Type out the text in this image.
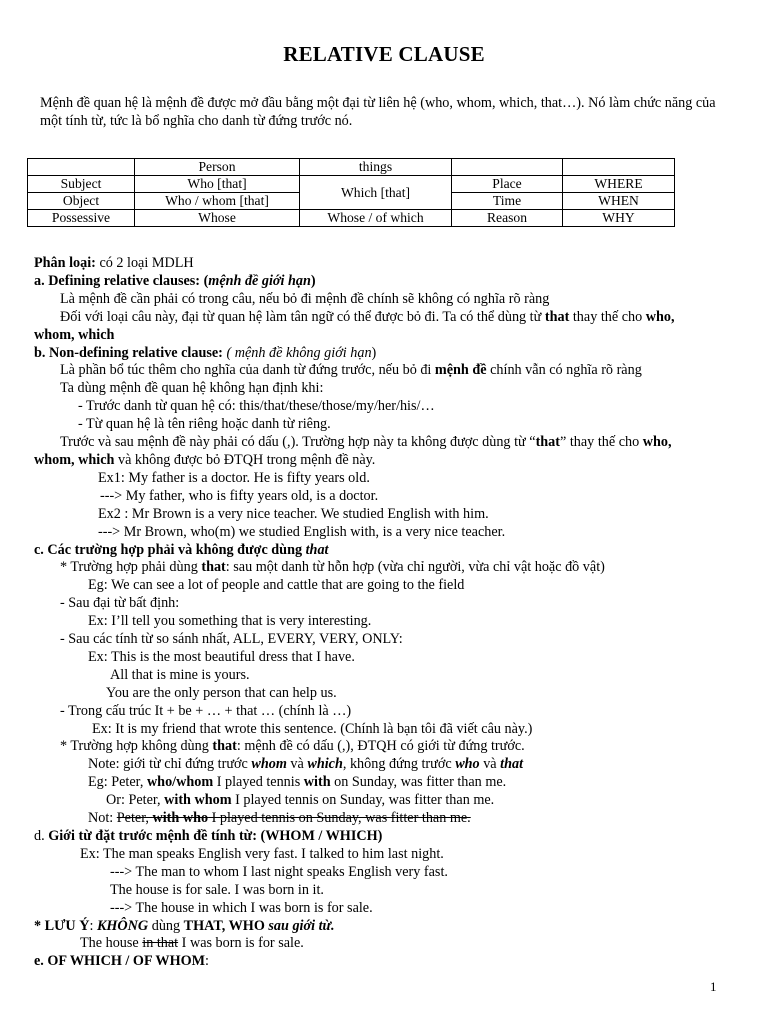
RELATIVE CLAUSE
Mệnh đề quan hệ là mệnh đề được mở đầu bằng một đại từ liên hệ (who, whom, which, that…). Nó làm chức năng của một tính từ, tức là bổ nghĩa cho danh từ đứng trước nó.
	Person	things		
Subject	Who [that]	Which [that]	Place	WHERE
Object	Who / whom [that]		Time	WHEN
Possessive	Whose	Whose / of which	Reason	WHY
Phân loại: có 2 loại MDLH
a. Defining relative clauses: (mệnh đề giới hạn)
Là mệnh đề cần phải có trong câu, nếu bỏ đi mệnh đề chính sẽ không có nghĩa rõ ràng
Đối với loại câu này, đại từ quan hệ làm tân ngữ có thể được bỏ đi. Ta có thể dùng từ that thay thế cho who,
whom, which
b. Non-defining relative clause: ( mệnh đề không giới hạn)
Là phần bổ túc thêm cho nghĩa của danh từ đứng trước, nếu bỏ đi mệnh đề chính vẫn có nghĩa rõ ràng
Ta dùng mệnh đề quan hệ không hạn định khi:
- Trước danh từ quan hệ có: this/that/these/those/my/her/his/…
- Từ quan hệ là tên riêng hoặc danh từ riêng.
Trước và sau mệnh đề này phải có dấu (,). Trường hợp này ta không được dùng từ “that” thay thế cho who,
whom, which và không được bỏ ĐTQH trong mệnh đề này.
Ex1: My father is a doctor. He is fifty years old.
---> My father, who is fifty years old, is a doctor.
Ex2 : Mr Brown is a very nice teacher. We studied English with him.
---> Mr Brown, who(m) we studied English with, is a very nice teacher.
c. Các trường hợp phải và không được dùng that
* Trường hợp phải dùng that: sau một danh từ hỗn hợp (vừa chỉ người, vừa chỉ vật hoặc đồ vật)
Eg: We can see a lot of people and cattle that are going to the field
- Sau đại từ bất định:
Ex: I’ll tell you something that is very interesting.
- Sau các tính từ so sánh nhất, ALL, EVERY, VERY, ONLY:
Ex: This is the most beautiful dress that I have.
All that is mine is yours.
You are the only person that can help us.
- Trong cấu trúc It + be + … + that … (chính là …)
Ex: It is my friend that wrote this sentence. (Chính là bạn tôi đã viết câu này.)
* Trường hợp không dùng that: mệnh đề có dấu (,), ĐTQH có giới từ đứng trước.
Note: giới từ chỉ đứng trước whom và which, không đứng trước who và that
Eg: Peter, who/whom I played tennis with on Sunday, was fitter than me.
Or: Peter, with whom I played tennis on Sunday, was fitter than me.
Not: Peter, with who I played tennis on Sunday, was fitter than me.
d. Giới từ đặt trước mệnh đề tính từ: (WHOM / WHICH)
Ex: The man speaks English very fast. I talked to him last night.
---> The man to whom I last night speaks English very fast.
The house is for sale. I was born in it.
---> The house in which I was born is for sale.
* LƯU Ý: KHÔNG dùng THAT, WHO sau giới từ.
The house in that I was born is for sale.
e. OF WHICH / OF WHOM:
1
